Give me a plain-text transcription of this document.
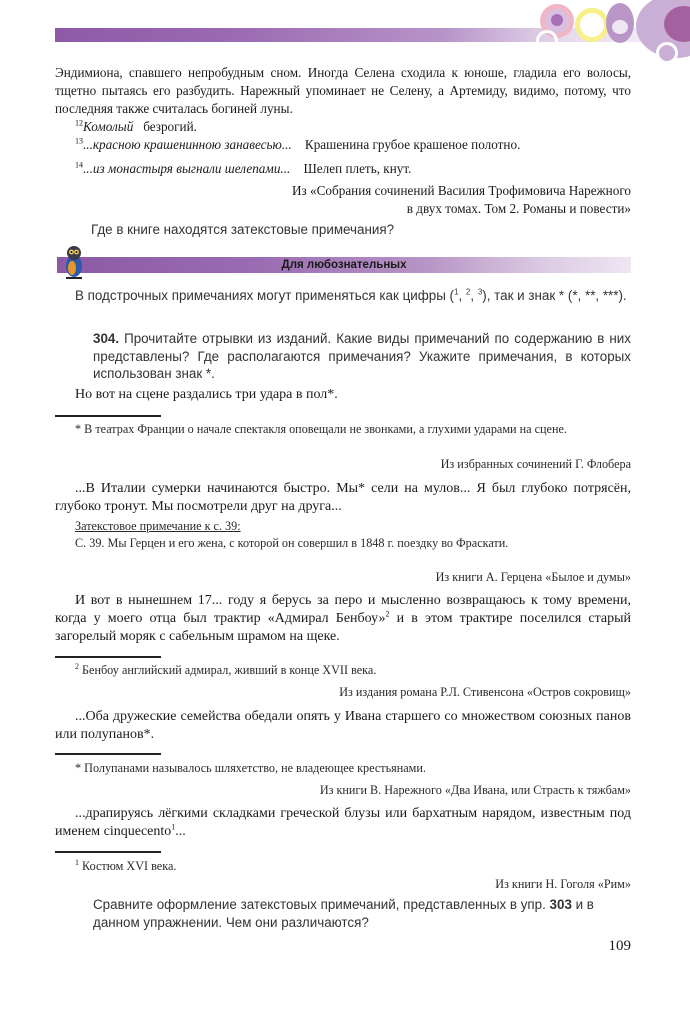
Эндимиона, спавшего непробудным сном. Иногда Селена сходила к юноше, гладила его волосы, тщетно пытаясь его разбудить. Нарежный упоминает не Селену, а Артемиду, видимо, потому, что последняя также считалась богиней луны.
$^{12}$Комолый безрогий.
$^{13}$...красною крашенинною занавесью... Крашенина грубое крашеное полотно.
$^{14}$...из монастыря выгнали шелепами... Шелеп плеть, кнут.
Из «Собрания сочинений Василия Трофимовича Нарежного
в двух томах. Том 2. Романы и повести»
Где в книге находятся затекстовые примечания?
Для любознательных
В подстрочных примечаниях могут применяться как цифры ($^1$, $^2$, $^3$), так и знак * (*, **, ***).
304. Прочитайте отрывки из изданий. Какие виды примечаний по содержанию в них представлены? Где располагаются примечания? Укажите примечания, в которых использован знак *.
Но вот на сцене раздались три удара в пол*.
* В театрах Франции о начале спектакля оповещали не звонками, а глухими ударами на сцене.
Из избранных сочинений Г. Флобера
...В Италии сумерки начинаются быстро. Мы* сели на мулов... Я был глубоко потрясён, глубоко тронут. Мы посмотрели друг на друга...
Затекстовое примечание к с. 39:
С. 39. Мы Герцен и его жена, с которой он совершил в 1848 г. поездку во Фраскати.
Из книги А. Герцена «Былое и думы»
И вот в нынешнем 17... году я берусь за перо и мысленно возвращаюсь к тому времени, когда у моего отца был трактир «Адмирал Бенбоу»$^2$ и в этом трактире поселился старый загорелый моряк с сабельным шрамом на щеке.
$^2$ Бенбоу английский адмирал, живший в конце XVII века.
Из издания романа Р.Л. Стивенсона «Остров сокровищ»
...Оба дружеские семейства обедали опять у Ивана старшего со множеством союзных панов или полупанов*.
* Полупанами называлось шляхетство, не владеющее крестьянами.
Из книги В. Нарежного «Два Ивана, или Страсть к тяжбам»
...драпируясь лёгкими складками греческой блузы или бархатным нарядом, известным под именем cinquecento$^1$...
$^1$ Костюм XVI века.
Из книги Н. Гоголя «Рим»
Сравните оформление затекстовых примечаний, представленных в упр. 303 и в данном упражнении. Чем они различаются?
109
